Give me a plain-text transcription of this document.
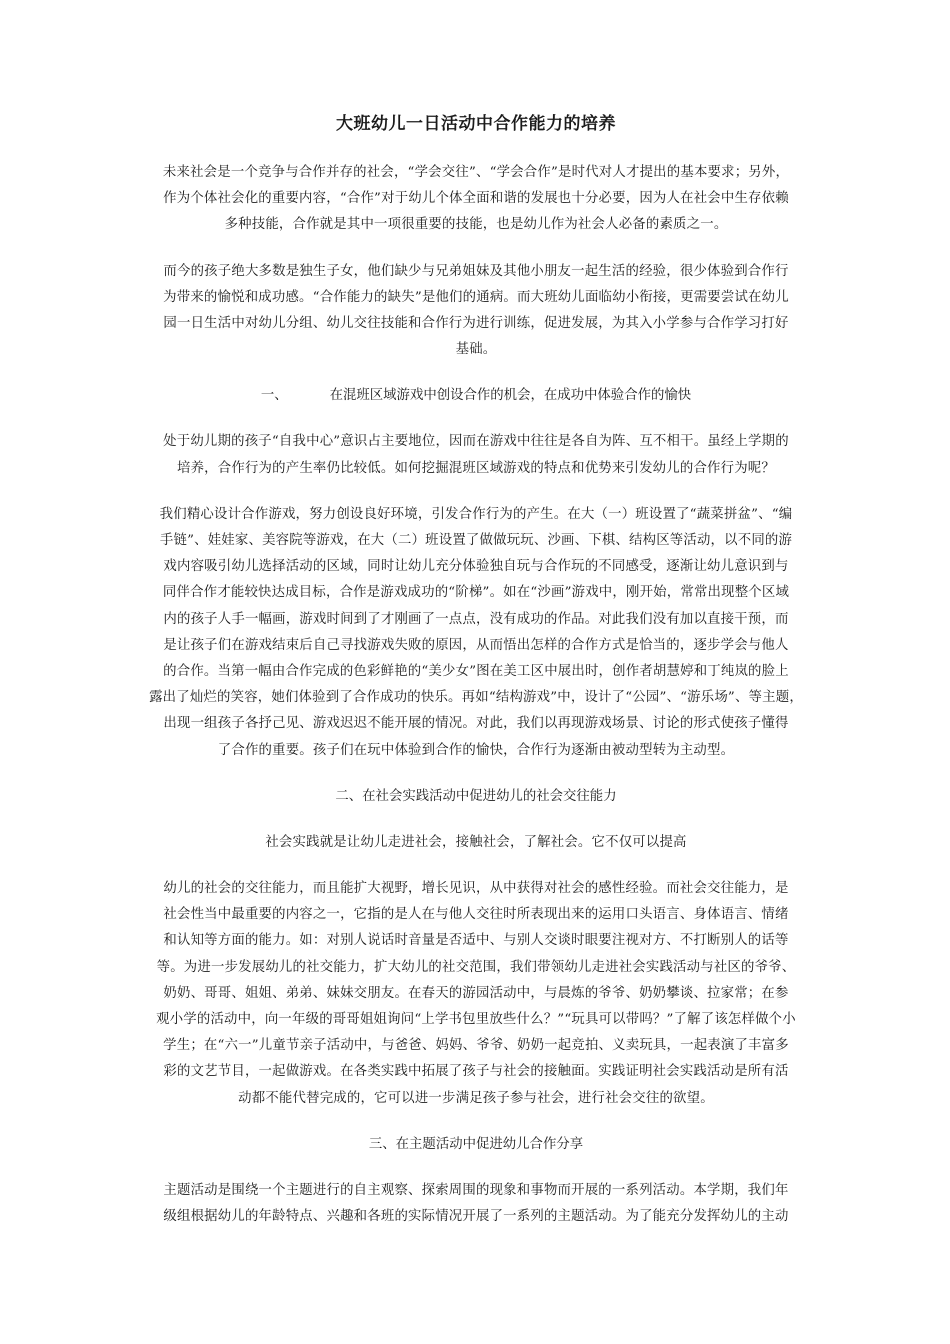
大班幼儿一日活动中合作能力的培养

未来社会是一个竞争与合作并存的社会，“学会交往”、“学会合作”是时代对人才提出的基本要求；另外，
作为个体社会化的重要内容，“合作”对于幼儿个体全面和谐的发展也十分必要，因为人在社会中生存依赖
多种技能，合作就是其中一项很重要的技能，也是幼儿作为社会人必备的素质之一。

而今的孩子绝大多数是独生子女，他们缺少与兄弟姐妹及其他小朋友一起生活的经验，很少体验到合作行
为带来的愉悦和成功感。“合作能力的缺失”是他们的通病。而大班幼儿面临幼小衔接，更需要尝试在幼儿
园一日生活中对幼儿分组、幼儿交往技能和合作行为进行训练，促进发展，为其入小学参与合作学习打好
基础。

一、	在混班区域游戏中创设合作的机会，在成功中体验合作的愉快

处于幼儿期的孩子“自我中心”意识占主要地位，因而在游戏中往往是各自为阵、互不相干。虽经上学期的
培养，合作行为的产生率仍比较低。如何挖掘混班区域游戏的特点和优势来引发幼儿的合作行为呢？

我们精心设计合作游戏，努力创设良好环境，引发合作行为的产生。在大（一）班设置了“蔬菜拼盆”、“编
手链”、娃娃家、美容院等游戏，在大（二）班设置了做做玩玩、沙画、下棋、结构区等活动，以不同的游
戏内容吸引幼儿选择活动的区域，同时让幼儿充分体验独自玩与合作玩的不同感受，逐渐让幼儿意识到与
同伴合作才能较快达成目标，合作是游戏成功的“阶梯”。如在“沙画”游戏中，刚开始，常常出现整个区域
内的孩子人手一幅画，游戏时间到了才刚画了一点点，没有成功的作品。对此我们没有加以直接干预，而
是让孩子们在游戏结束后自己寻找游戏失败的原因，从而悟出怎样的合作方式是恰当的，逐步学会与他人
的合作。当第一幅由合作完成的色彩鲜艳的“美少女”图在美工区中展出时，创作者胡慧婷和丁纯岚的脸上
露出了灿烂的笑容，她们体验到了合作成功的快乐。再如“结构游戏”中，设计了“公园”、“游乐场”、等主题，
出现一组孩子各抒己见、游戏迟迟不能开展的情况。对此，我们以再现游戏场景、讨论的形式使孩子懂得
了合作的重要。孩子们在玩中体验到合作的愉快，合作行为逐渐由被动型转为主动型。

二、在社会实践活动中促进幼儿的社会交往能力

社会实践就是让幼儿走进社会，接触社会，了解社会。它不仅可以提高

幼儿的社会的交往能力，而且能扩大视野，增长见识，从中获得对社会的感性经验。而社会交往能力，是
社会性当中最重要的内容之一，它指的是人在与他人交往时所表现出来的运用口头语言、身体语言、情绪
和认知等方面的能力。如：对别人说话时音量是否适中、与别人交谈时眼要注视对方、不打断别人的话等
等。为进一步发展幼儿的社交能力，扩大幼儿的社交范围，我们带领幼儿走进社会实践活动与社区的爷爷、
奶奶、哥哥、姐姐、弟弟、妹妹交朋友。在春天的游园活动中，与晨炼的爷爷、奶奶攀谈、拉家常；在参
观小学的活动中，向一年级的哥哥姐姐询问“上学书包里放些什么？”“玩具可以带吗？”了解了该怎样做个小
学生；在“六一”儿童节亲子活动中，与爸爸、妈妈、爷爷、奶奶一起竞拍、义卖玩具，一起表演了丰富多
彩的文艺节目，一起做游戏。在各类实践中拓展了孩子与社会的接触面。实践证明社会实践活动是所有活
动都不能代替完成的，它可以进一步满足孩子参与社会，进行社会交往的欲望。

三、在主题活动中促进幼儿合作分享

主题活动是围绕一个主题进行的自主观察、探索周围的现象和事物而开展的一系列活动。本学期，我们年
级组根据幼儿的年龄特点、兴趣和各班的实际情况开展了一系列的主题活动。为了能充分发挥幼儿的主动
